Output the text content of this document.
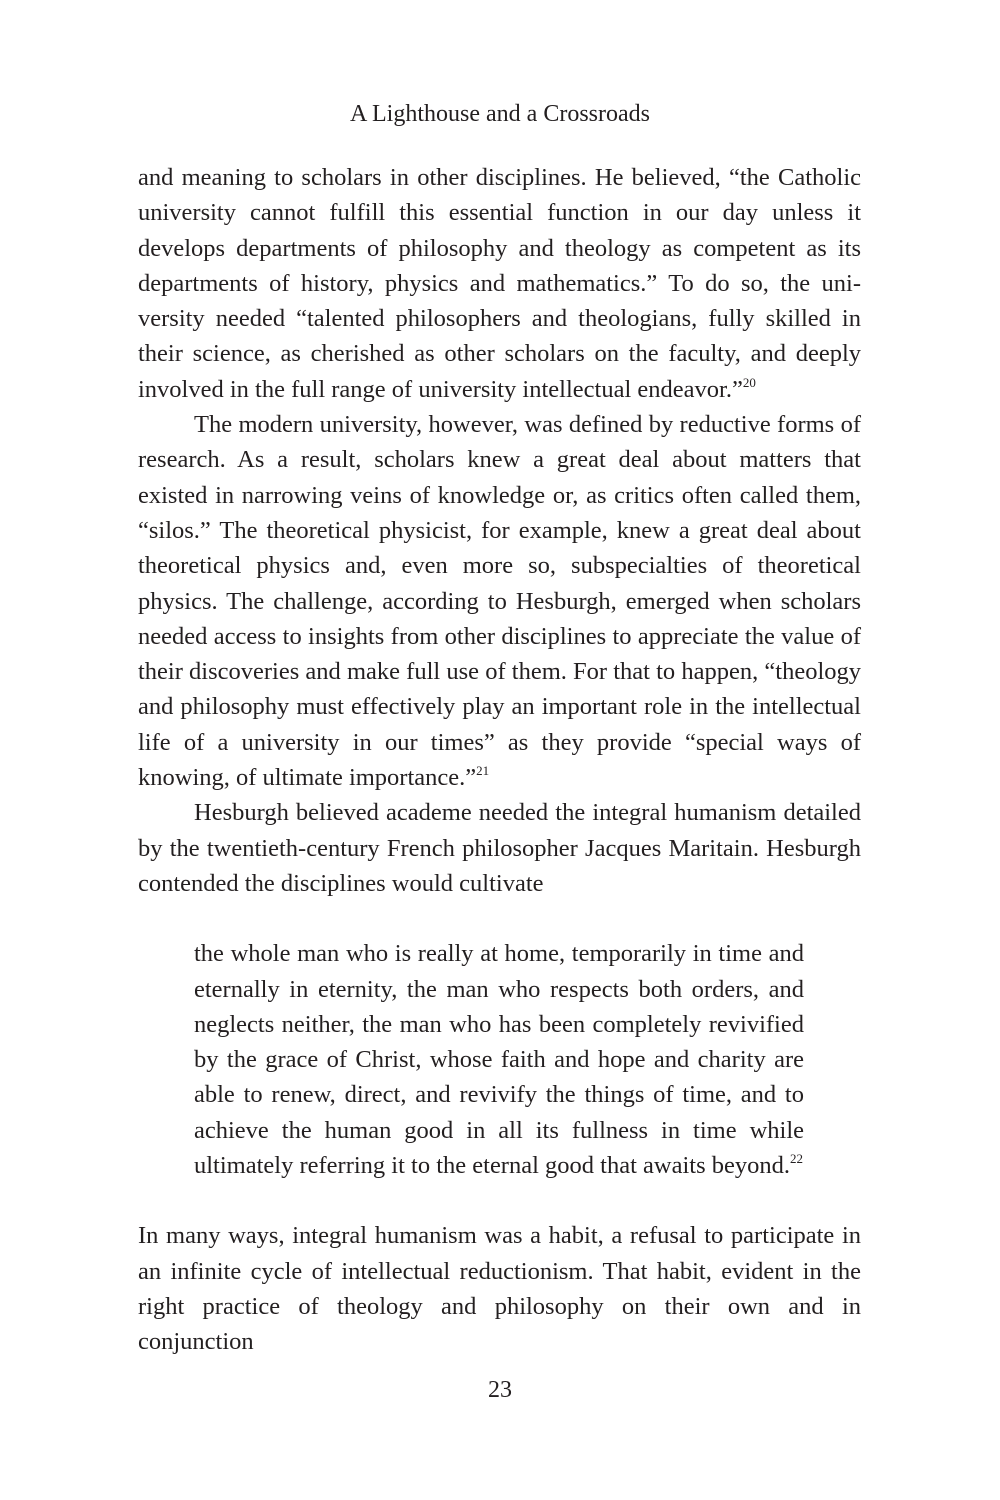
A Lighthouse and a Crossroads

and meaning to scholars in other disciplines. He believed, “the Catholic university cannot fulfill this essential function in our day unless it develops departments of philosophy and theology as competent as its departments of history, physics and mathematics.” To do so, the university needed “talented philosophers and theologians, fully skilled in their science, as cherished as other scholars on the faculty, and deeply involved in the full range of university intellectual endeavor.”$^{20}$

The modern university, however, was defined by reductive forms of research. As a result, scholars knew a great deal about matters that existed in narrowing veins of knowledge or, as critics often called them, “silos.” The theoretical physicist, for example, knew a great deal about theoretical physics and, even more so, subspecialties of theoretical physics. The challenge, according to Hesburgh, emerged when scholars needed access to insights from other disciplines to appreciate the value of their discoveries and make full use of them. For that to happen, “theology and philosophy must effectively play an important role in the intellectual life of a university in our times” as they provide “special ways of knowing, of ultimate importance.”$^{21}$

Hesburgh believed academe needed the integral humanism detailed by the twentieth-century French philosopher Jacques Maritain. Hesburgh contended the disciplines would cultivate

the whole man who is really at home, temporarily in time and eternally in eternity, the man who respects both orders, and neglects neither, the man who has been completely revivified by the grace of Christ, whose faith and hope and charity are able to renew, direct, and revivify the things of time, and to achieve the human good in all its fullness in time while ultimately referring it to the eternal good that awaits beyond.$^{22}$

In many ways, integral humanism was a habit, a refusal to participate in an infinite cycle of intellectual reductionism. That habit, evident in the right practice of theology and philosophy on their own and in conjunction

23
